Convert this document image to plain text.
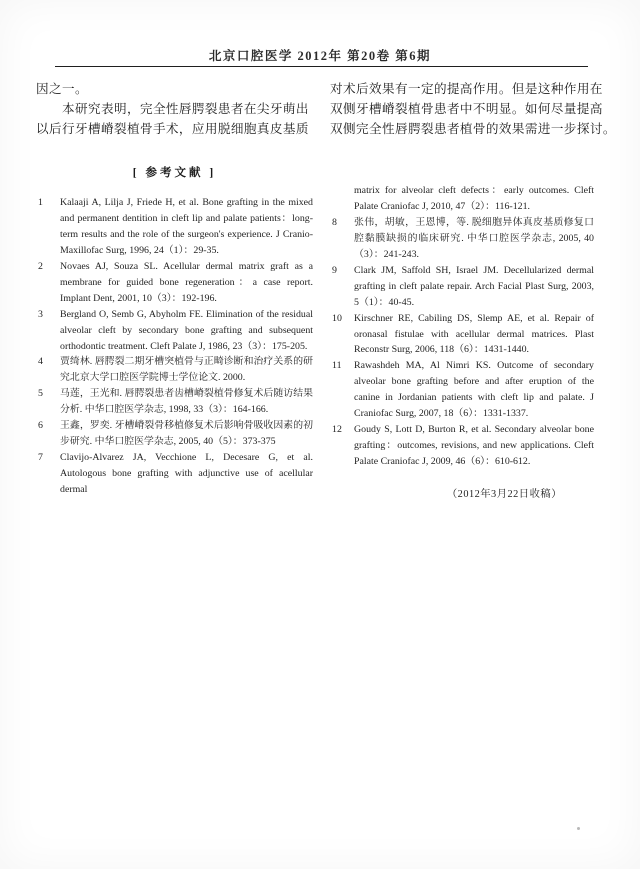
北京口腔医学 2012年 第20卷 第6期
因之一。
　　本研究表明，完全性唇腭裂患者在尖牙萌出
以后行牙槽嵴裂植骨手术，应用脱细胞真皮基质
[ 参考文献 ]
1 Kalaaji A, Lilja J, Friede H, et al. Bone grafting in the mixed and permanent dentition in cleft lip and palate patients：long-term results and the role of the surgeon's experience. J Cranio-Maxillofac Surg, 1996, 24（1）：29-35.
2 Novaes AJ, Souza SL. Acellular dermal matrix graft as a membrane for guided bone regeneration：a case report. Implant Dent, 2001, 10（3）：192-196.
3 Bergland O, Semb G, Abyholm FE. Elimination of the residual alveolar cleft by secondary bone grafting and subsequent orthodontic treatment. Cleft Palate J, 1986, 23（3）：175-205.
4 贾绮林. 唇腭裂二期牙槽突植骨与正畸诊断和治疗关系的研究北京大学口腔医学院博士学位论文. 2000.
5 马莲，王光和. 唇腭裂患者齿槽嵴裂植骨修复术后随访结果分析. 中华口腔医学杂志, 1998, 33（3）：164-166.
6 王鑫，罗奕. 牙槽嵴裂骨移植修复术后影响骨吸收因素的初步研究. 中华口腔医学杂志, 2005, 40（5）：373-375
7 Clavijo-Alvarez JA, Vecchione L, Decesare G, et al. Autologous bone grafting with adjunctive use of acellular dermal
对术后效果有一定的提高作用。但是这种作用在
双侧牙槽嵴裂植骨患者中不明显。如何尽量提高
双侧完全性唇腭裂患者植骨的效果需进一步探讨。
matrix for alveolar cleft defects：early outcomes. Cleft Palate Craniofac J, 2010, 47（2）：116-121.
8 张伟，胡敏，王恩博，等. 脱细胞异体真皮基质修复口腔黏膜缺损的临床研究. 中华口腔医学杂志, 2005, 40（3）：241-243.
9 Clark JM, Saffold SH, Israel JM. Decellularized dermal grafting in cleft palate repair. Arch Facial Plast Surg, 2003, 5（1）：40-45.
10 Kirschner RE, Cabiling DS, Slemp AE, et al. Repair of oronasal fistulae with acellular dermal matrices. Plast Reconstr Surg, 2006, 118（6）：1431-1440.
11 Rawashdeh MA, Al Nimri KS. Outcome of secondary alveolar bone grafting before and after eruption of the canine in Jordanian patients with cleft lip and palate. J Craniofac Surg, 2007, 18（6）：1331-1337.
12 Goudy S, Lott D, Burton R, et al. Secondary alveolar bone grafting：outcomes, revisions, and new applications. Cleft Palate Craniofac J, 2009, 46（6）：610-612.
（2012年3月22日收稿）
